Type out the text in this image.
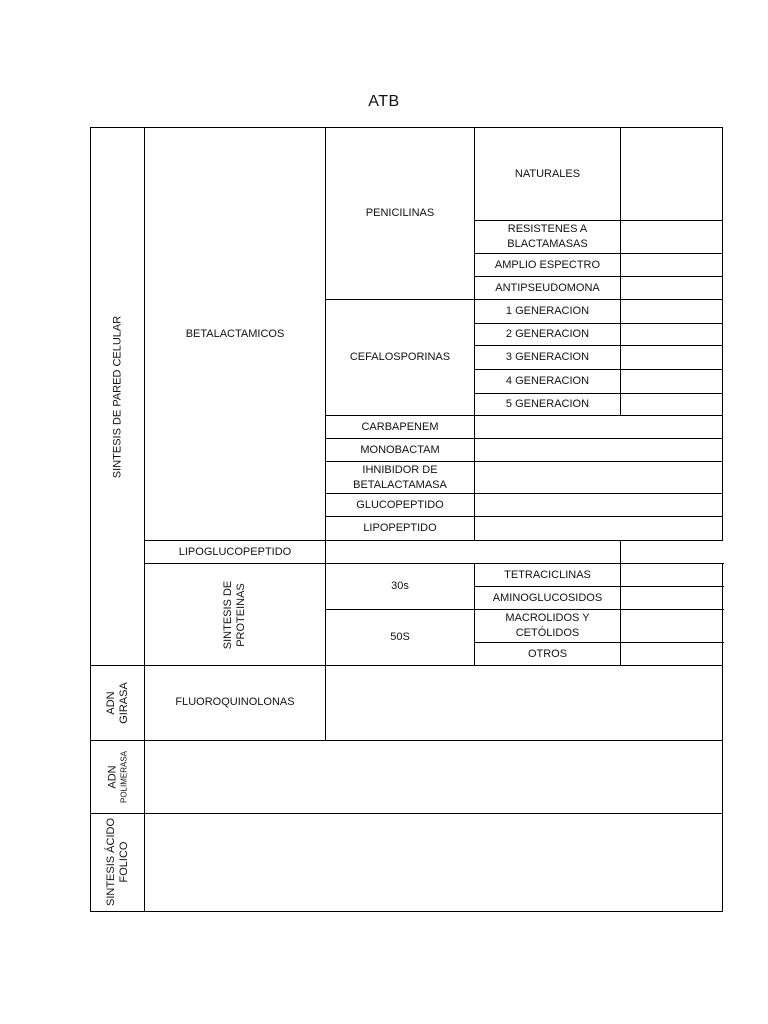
ATB
SINTESIS DE PARED CELULAR	BETALACTAMICOS	PENICILINAS	NATURALES	
			RESISTENES A BLACTAMASAS	
			AMPLIO ESPECTRO	
			ANTIPSEUDOMONA	
		CEFALOSPORINAS	1 GENERACION	
			2 GENERACION	
			3 GENERACION	
			4 GENERACION	
			5 GENERACION	
		CARBAPENEM		
		MONOBACTAM		
		IHNIBIDOR DE BETALACTAMASA		
		GLUCOPEPTIDO		
		LIPOPEPTIDO		
	LIPOGLUCOPEPTIDO			

	SINTESIS DE PROTEINAS	30s	TETRACICLINAS	
			AMINOGLUCOSIDOS	
		50S	MACROLIDOS Y CETÓLIDOS	
			OTROS	

ADN GIRASA	FLUOROQUINOLONAS			

ADN POLIMERASA				

SINTESIS ÁCIDO FOLICO				
